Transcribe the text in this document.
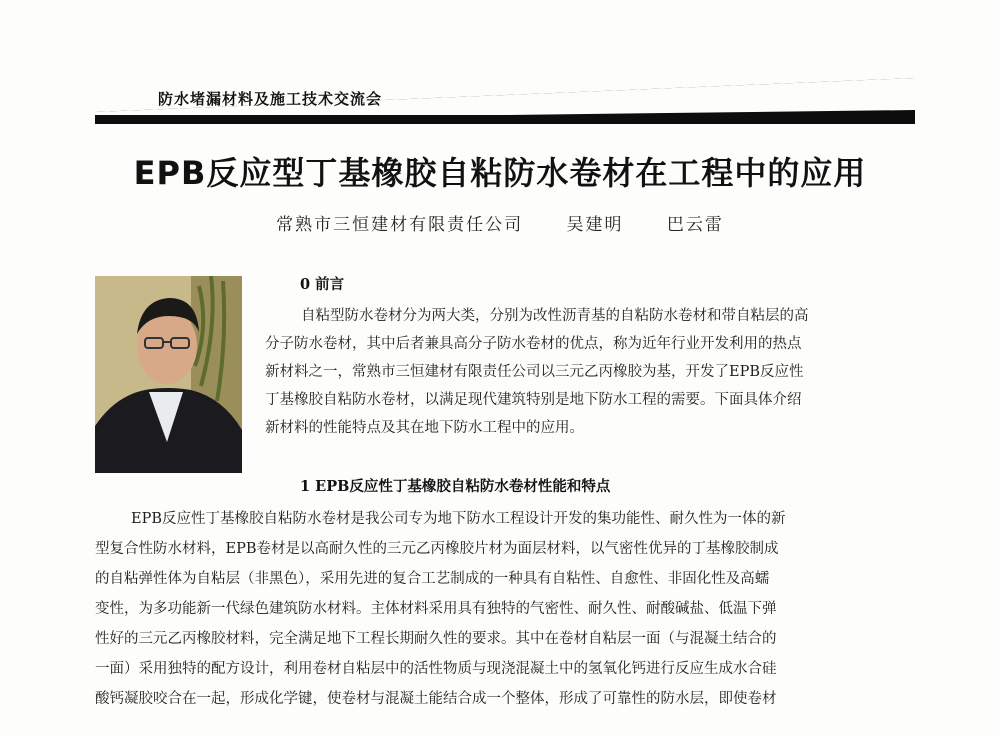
防水堵漏材料及施工技术交流会
EPB反应型丁基橡胶自粘防水卷材在工程中的应用
常熟市三恒建材有限责任公司	吴建明	巴云雷
0 前言

自粘型防水卷材分为两大类，分别为改性沥青基的自粘防水卷材和带自粘层的高

分子防水卷材，其中后者兼具高分子防水卷材的优点，称为近年行业开发利用的热点

新材料之一，常熟市三恒建材有限责任公司以三元乙丙橡胶为基，开发了EPB反应性

丁基橡胶自粘防水卷材，以满足现代建筑特别是地下防水工程的需要。下面具体介绍

新材料的性能特点及其在地下防水工程中的应用。

1 EPB反应性丁基橡胶自粘防水卷材性能和特点

EPB反应性丁基橡胶自粘防水卷材是我公司专为地下防水工程设计开发的集功能性、耐久性为一体的新

型复合性防水材料，EPB卷材是以高耐久性的三元乙丙橡胶片材为面层材料，以气密性优异的丁基橡胶制成

的自粘弹性体为自粘层（非黑色），采用先进的复合工艺制成的一种具有自粘性、自愈性、非固化性及高蠕

变性，为多功能新一代绿色建筑防水材料。主体材料采用具有独特的气密性、耐久性、耐酸碱盐、低温下弹

性好的三元乙丙橡胶材料，完全满足地下工程长期耐久性的要求。其中在卷材自粘层一面（与混凝土结合的

一面）采用独特的配方设计，利用卷材自粘层中的活性物质与现浇混凝土中的氢氧化钙进行反应生成水合硅

酸钙凝胶咬合在一起，形成化学键，使卷材与混凝土能结合成一个整体，形成了可靠性的防水层，即使卷材
